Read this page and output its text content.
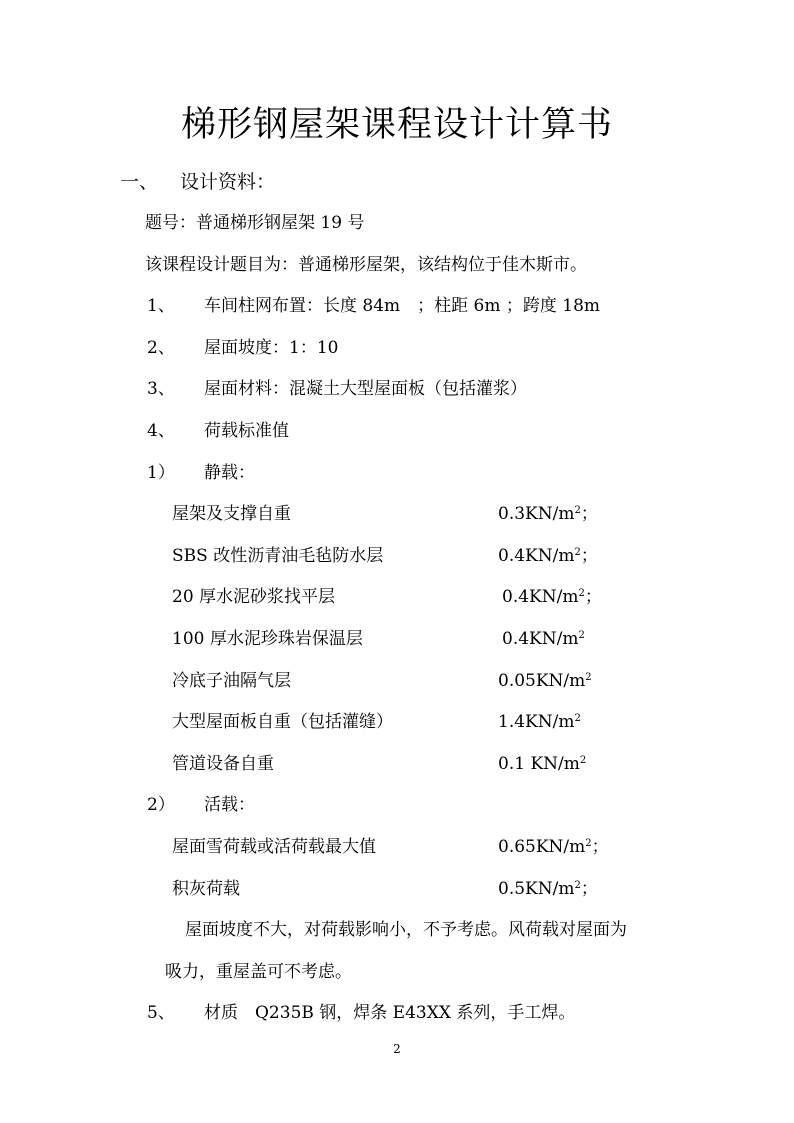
梯形钢屋架课程设计计算书
一、 设计资料：
题号：普通梯形钢屋架 19 号
该课程设计题目为：普通梯形屋架，该结构位于佳木斯市。
1、 车间柱网布置：长度 84m　；柱距 6m ；跨度 18m
2、 屋面坡度：1：10
3、 屋面材料：混凝土大型屋面板（包括灌浆）
4、 荷载标准值
1） 静载：
屋架及支撑自重	$0.3KN/m^2$；
SBS 改性沥青油毛毡防水层	$0.4KN/m^2$；
20 厚水泥砂浆找平层	$0.4KN/m^2$；
100 厚水泥珍珠岩保温层	$0.4KN/m^2$
冷底子油隔气层	$0.05KN/m^2$
大型屋面板自重（包括灌缝）	$1.4KN/m^2$
管道设备自重	0.1 $KN/m^2$
2） 活载：
屋面雪荷载或活荷载最大值	$0.65KN/m^2$；
积灰荷载	$0.5KN/m^2$；
屋面坡度不大，对荷载影响小，不予考虑。风荷载对屋面为
吸力，重屋盖可不考虑。
5、 材质　Q235B 钢，焊条 E43XX 系列，手工焊。
2
